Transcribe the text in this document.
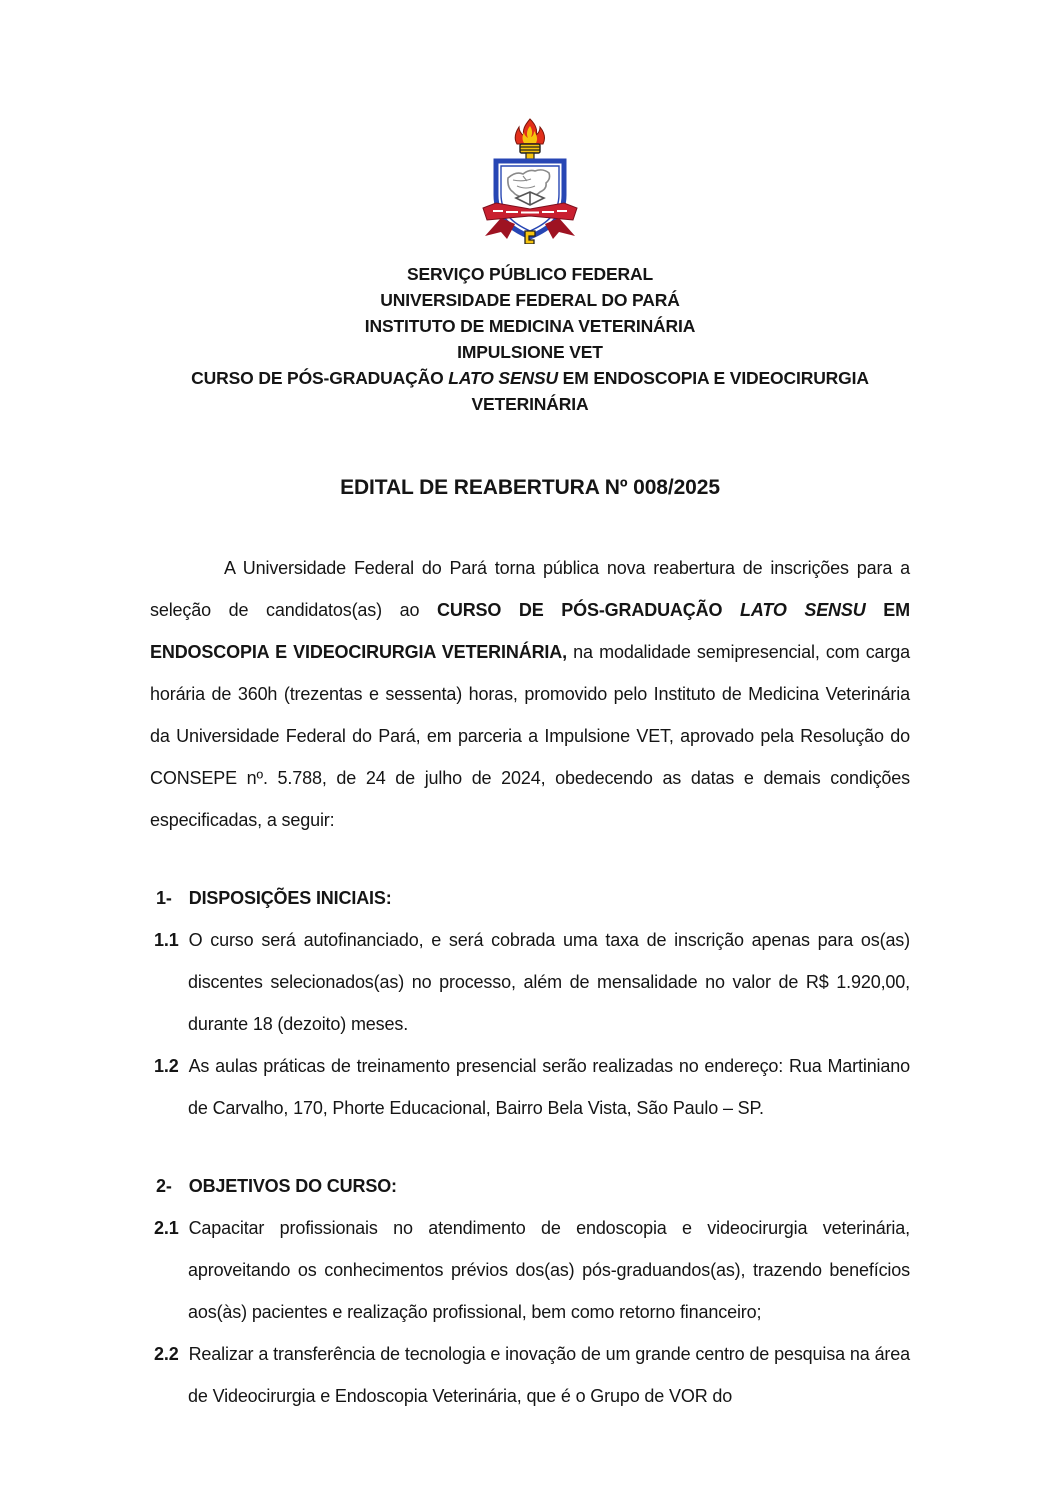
SERVIÇO PÚBLICO FEDERAL
UNIVERSIDADE FEDERAL DO PARÁ
INSTITUTO DE MEDICINA VETERINÁRIA
IMPULSIONE VET
CURSO DE PÓS-GRADUAÇÃO LATO SENSU EM ENDOSCOPIA E VIDEOCIRURGIA VETERINÁRIA
EDITAL DE REABERTURA Nº 008/2025

A Universidade Federal do Pará torna pública nova reabertura de inscrições para a seleção de candidatos(as) ao CURSO DE PÓS-GRADUAÇÃO LATO SENSU EM ENDOSCOPIA E VIDEOCIRURGIA VETERINÁRIA, na modalidade semipresencial, com carga horária de 360h (trezentas e sessenta) horas, promovido pelo Instituto de Medicina Veterinária da Universidade Federal do Pará, em parceria a Impulsione VET, aprovado pela Resolução do CONSEPE nº. 5.788, de 24 de julho de 2024, obedecendo as datas e demais condições especificadas, a seguir:

1- DISPOSIÇÕES INICIAIS:

1.1 O curso será autofinanciado, e será cobrada uma taxa de inscrição apenas para os(as) discentes selecionados(as) no processo, além de mensalidade no valor de R$ 1.920,00, durante 18 (dezoito) meses.

1.2 As aulas práticas de treinamento presencial serão realizadas no endereço: Rua Martiniano de Carvalho, 170, Phorte Educacional, Bairro Bela Vista, São Paulo – SP.

2- OBJETIVOS DO CURSO:

2.1 Capacitar profissionais no atendimento de endoscopia e videocirurgia veterinária, aproveitando os conhecimentos prévios dos(as) pós-graduandos(as), trazendo benefícios aos(às) pacientes e realização profissional, bem como retorno financeiro;

2.2 Realizar a transferência de tecnologia e inovação de um grande centro de pesquisa na área de Videocirurgia e Endoscopia Veterinária, que é o Grupo de VOR do
